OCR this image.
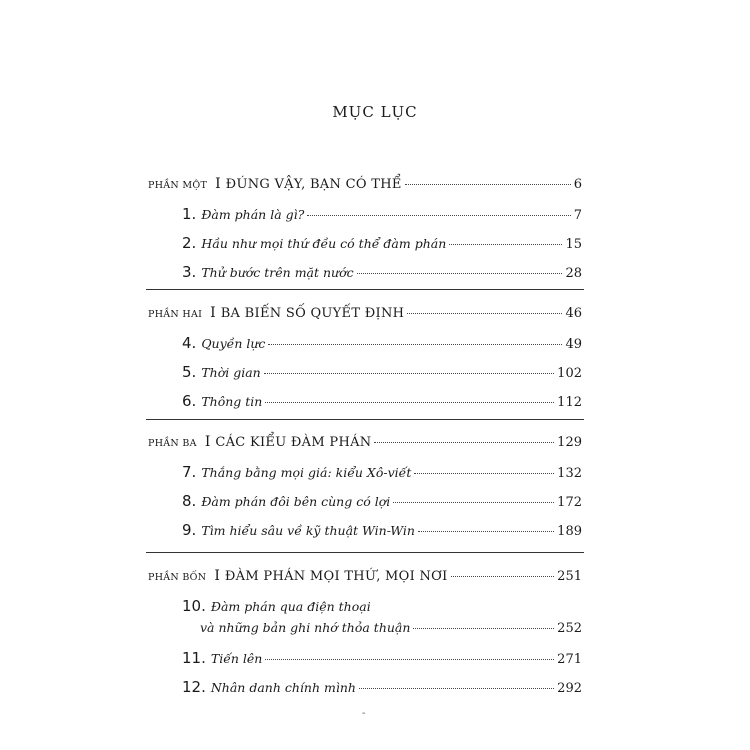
MỤC LỤC
PHẦN MỘT I ĐÚNG VẬY, BẠN CÓ THỂ	6
1. Đàm phán là gì?	7
2. Hầu như mọi thứ đều có thể đàm phán	15
3. Thử bước trên mặt nước	28
PHẦN HAI I BA BIẾN SỐ QUYẾT ĐỊNH	46
4. Quyền lực	49
5. Thời gian	102
6. Thông tin	112
PHẦN BA I CÁC KIỂU ĐÀM PHÁN	129
7. Thắng bằng mọi giá: kiểu Xô-viết	132
8. Đàm phán đôi bên cùng có lợi	172
9. Tìm hiểu sâu về kỹ thuật Win-Win	189
PHẦN BỐN I ĐÀM PHÁN MỌI THỨ, MỌI NƠI	251
10. Đàm phán qua điện thoại
và những bản ghi nhớ thỏa thuận	252
11. Tiến lên	271
12. Nhân danh chính mình	292
-
